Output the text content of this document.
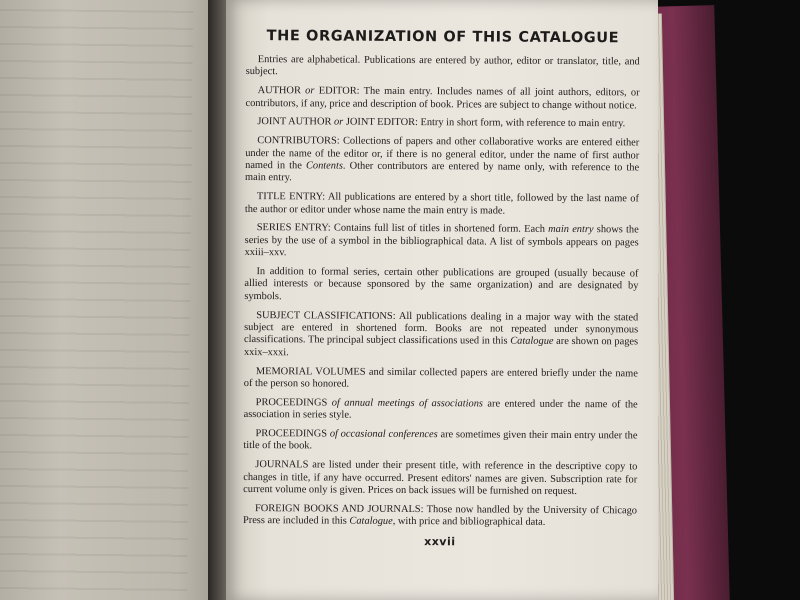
THE ORGANIZATION OF THIS CATALOGUE

Entries are alphabetical. Publications are entered by author, editor or translator, title, and subject.

AUTHOR or EDITOR: The main entry. Includes names of all joint authors, editors, or contributors, if any, price and description of book. Prices are subject to change without notice.

JOINT AUTHOR or JOINT EDITOR: Entry in short form, with reference to main entry.

CONTRIBUTORS: Collections of papers and other collaborative works are entered either under the name of the editor or, if there is no general editor, under the name of first author named in the Contents. Other contributors are entered by name only, with reference to the main entry.

TITLE ENTRY: All publications are entered by a short title, followed by the last name of the author or editor under whose name the main entry is made.

SERIES ENTRY: Contains full list of titles in shortened form. Each main entry shows the series by the use of a symbol in the bibliographical data. A list of symbols appears on pages xxiii–xxv.

In addition to formal series, certain other publications are grouped (usually because of allied interests or because sponsored by the same organization) and are designated by symbols.

SUBJECT CLASSIFICATIONS: All publications dealing in a major way with the stated subject are entered in shortened form. Books are not repeated under synonymous classifications. The principal subject classifications used in this Catalogue are shown on pages xxix–xxxi.

MEMORIAL VOLUMES and similar collected papers are entered briefly under the name of the person so honored.

PROCEEDINGS of annual meetings of associations are entered under the name of the association in series style.

PROCEEDINGS of occasional conferences are sometimes given their main entry under the title of the book.

JOURNALS are listed under their present title, with reference in the descriptive copy to changes in title, if any have occurred. Present editors' names are given. Subscription rate for current volume only is given. Prices on back issues will be furnished on request.

FOREIGN BOOKS AND JOURNALS: Those now handled by the University of Chicago Press are included in this Catalogue, with price and bibliographical data.

xxvii
